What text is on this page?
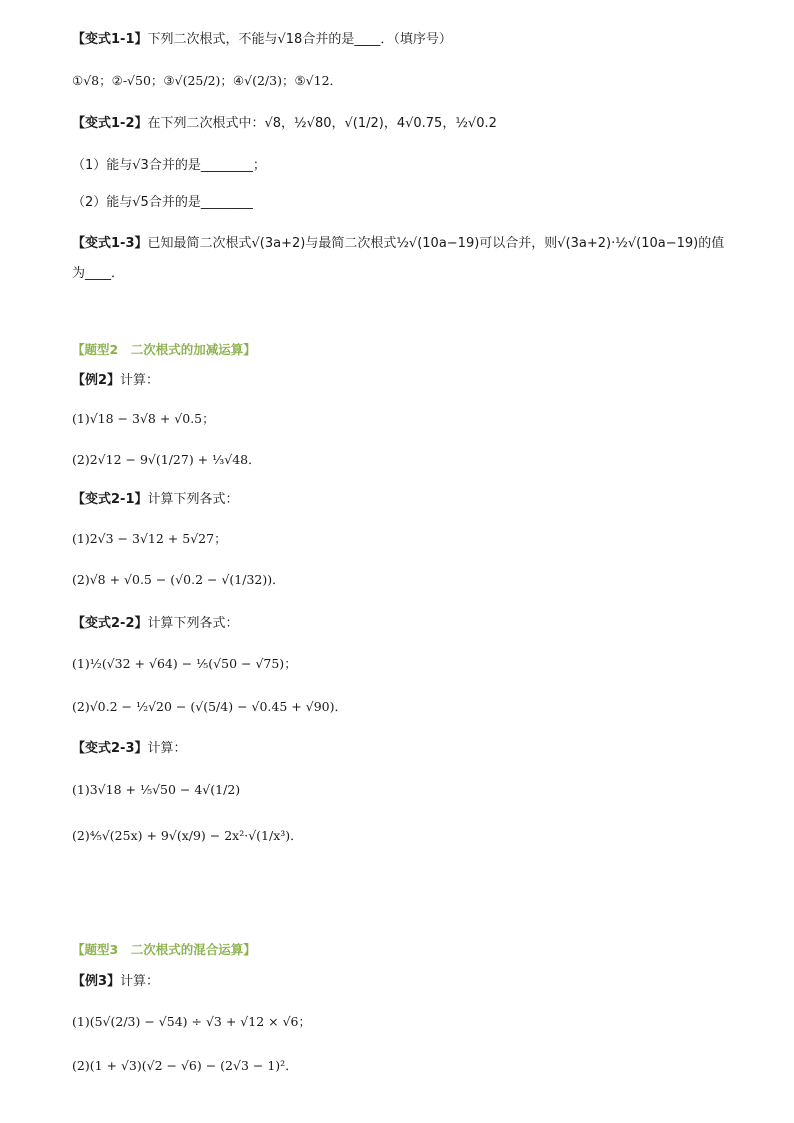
【变式1-1】下列二次根式，不能与√18合并的是____．（填序号）
①√8；②-√50；③√(25/2)；④√(2/3)；⑤√12．
【变式1-2】在下列二次根式中：√8，½√80，√(1/2)，4√0.75，½√0.2
（1）能与√3合并的是________；
（2）能与√5合并的是________
【变式1-3】已知最简二次根式√(3a+2)与最简二次根式½√(10a−19)可以合并，则√(3a+2)·½√(10a−19)的值
为____．
【题型2　二次根式的加减运算】
【例2】计算：
(1)√18 − 3√8 + √0.5；
(2)2√12 − 9√(1/27) + ⅓√48．
【变式2-1】计算下列各式：
(1)2√3 − 3√12 + 5√27；
(2)√8 + √0.5 − (√0.2 − √(1/32))．
【变式2-2】计算下列各式：
(1)½(√32 + √64) − ⅕(√50 − √75)；
(2)√0.2 − ½√20 − (√(5/4) − √0.45 + √90)．
【变式2-3】计算：
(1)3√18 + ⅕√50 − 4√(1/2)
(2)⅘√(25x) + 9√(x/9) − 2x²·√(1/x³)．
【题型3　二次根式的混合运算】
【例3】计算：
(1)(5√(2/3) − √54) ÷ √3 + √12 × √6；
(2)(1 + √3)(√2 − √6) − (2√3 − 1)²．
